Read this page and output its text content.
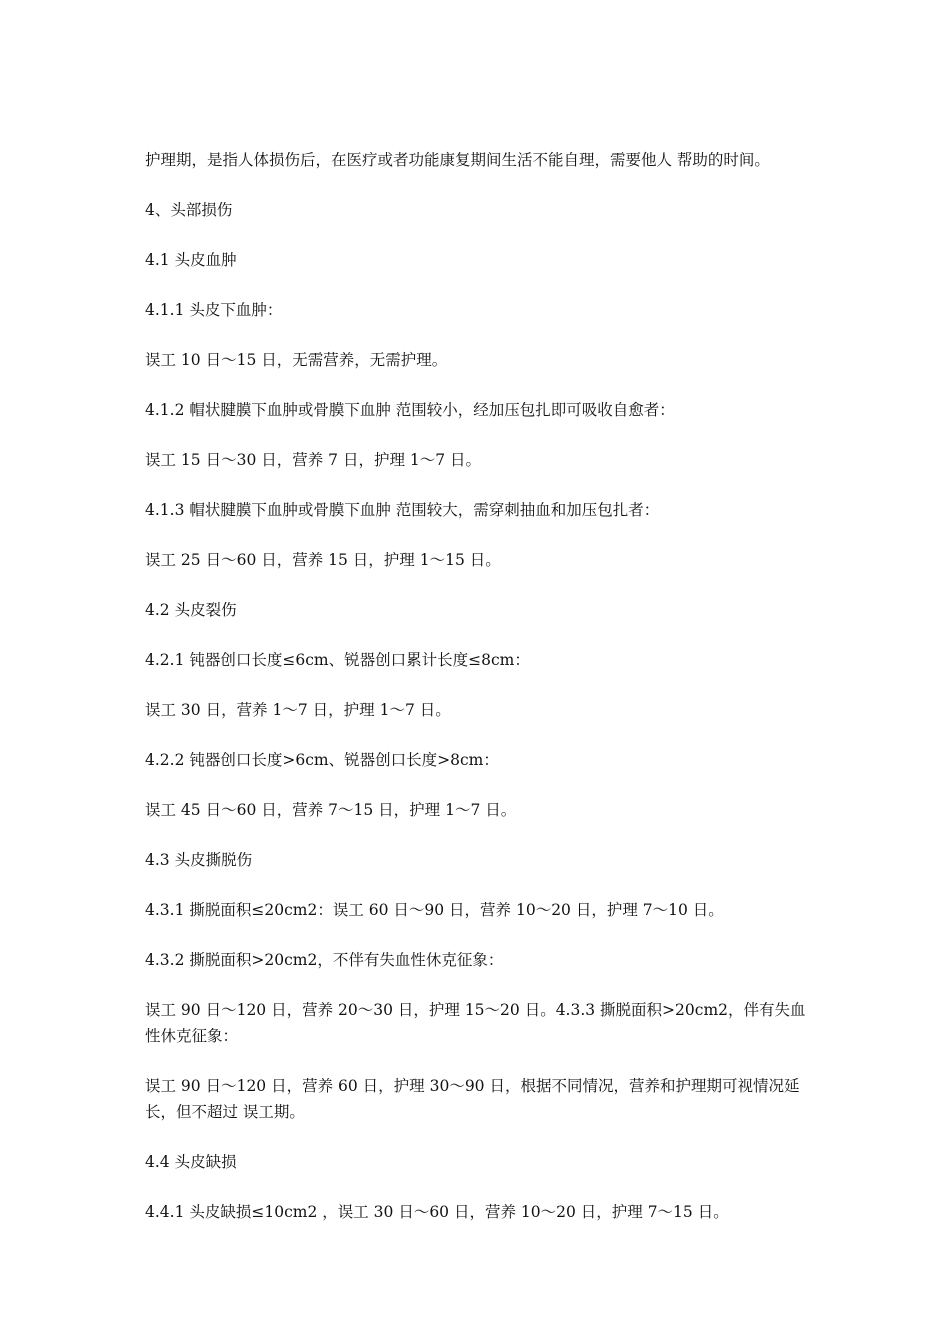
护理期，是指人体损伤后，在医疗或者功能康复期间生活不能自理，需要他人 帮助的时间。

4、头部损伤

4.1 头皮血肿

4.1.1 头皮下血肿：

误工 10 日～15 日，无需营养，无需护理。

4.1.2 帽状腱膜下血肿或骨膜下血肿 范围较小，经加压包扎即可吸收自愈者：

误工 15 日～30 日，营养 7 日，护理 1～7 日。

4.1.3 帽状腱膜下血肿或骨膜下血肿 范围较大，需穿刺抽血和加压包扎者：

误工 25 日～60 日，营养 15 日，护理 1～15 日。

4.2 头皮裂伤

4.2.1 钝器创口长度≤6cm、锐器创口累计长度≤8cm：

误工 30 日，营养 1～7 日，护理 1～7 日。

4.2.2 钝器创口长度>6cm、锐器创口长度>8cm：

误工 45 日～60 日，营养 7～15 日，护理 1～7 日。

4.3 头皮撕脱伤

4.3.1 撕脱面积≤20cm2：误工 60 日～90 日，营养 10～20 日，护理 7～10 日。

4.3.2 撕脱面积>20cm2，不伴有失血性休克征象：

误工 90 日～120 日，营养 20～30 日，护理 15～20 日。4.3.3 撕脱面积>20cm2，伴有失血性休克征象：

误工 90 日～120 日，营养 60 日，护理 30～90 日，根据不同情况，营养和护理期可视情况延长，但不超过 误工期。

4.4 头皮缺损

4.4.1 头皮缺损≤10cm2 ，误工 30 日～60 日，营养 10～20 日，护理 7～15 日。
